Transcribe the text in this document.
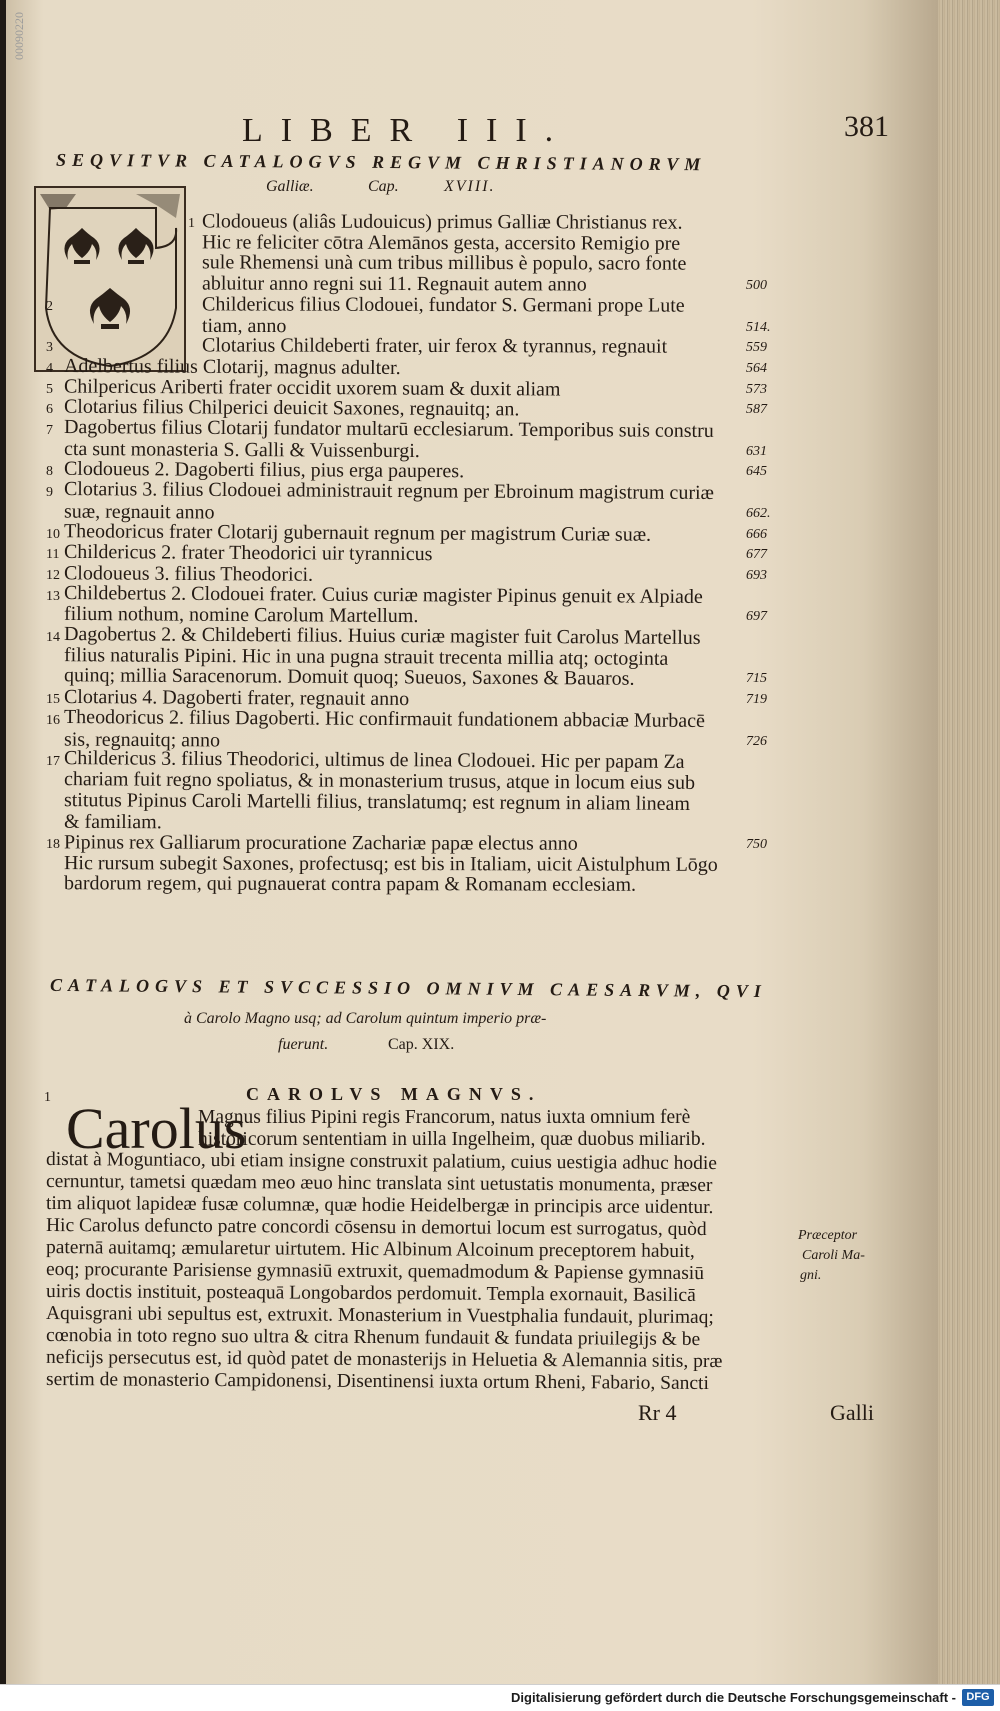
00090220
LIBER III.	381
SEQVITVR CATALOGVS REGVM CHRISTIANORVM
Galliæ.	Cap.	XVIII.
1 Clodoueus (aliâs Ludouicus) primus Galliæ Christianus rex.
Hic re feliciter cōtra Alemānos gesta, accersito Remigio pre
sule Rhemensi unà cum tribus millibus è populo, sacro fonte
abluitur anno regni sui 11. Regnauit autem anno	500
2	Childericus filius Clodouei, fundator S. Germani prope Lute
tiam, anno	514.
3	Clotarius Childeberti frater, uir ferox & tyrannus, regnauit	559
4 Adelbertus filius Clotarij, magnus adulter.	564
5 Chilpericus Ariberti frater occidit uxorem suam & duxit aliam	573
6 Clotarius filius Chilperici deuicit Saxones, regnauitq; an.	587
7 Dagobertus filius Clotarij fundator multarū ecclesiarum. Temporibus suis constru
cta sunt monasteria S. Galli & Vuissenburgi.	631
8 Clodoueus 2. Dagoberti filius, pius erga pauperes.	645
9 Clotarius 3. filius Clodouei administrauit regnum per Ebroinum magistrum curiæ
suæ, regnauit anno	662.
10 Theodoricus frater Clotarij gubernauit regnum per magistrum Curiæ suæ.	666
11 Childericus 2. frater Theodorici uir tyrannicus	677
12 Clodoueus 3. filius Theodorici.	693
13 Childebertus 2. Clodouei frater. Cuius curiæ magister Pipinus genuit ex Alpiade
filium nothum, nomine Carolum Martellum.	697
14 Dagobertus 2. & Childeberti filius. Huius curiæ magister fuit Carolus Martellus
filius naturalis Pipini. Hic in una pugna strauit trecenta millia atq; octoginta
quinq; millia Saracenorum. Domuit quoq; Sueuos, Saxones & Bauaros.	715
15 Clotarius 4. Dagoberti frater, regnauit anno	719
16 Theodoricus 2. filius Dagoberti. Hic confirmauit fundationem abbaciæ Murbacē
sis, regnauitq; anno	726
17 Childericus 3. filius Theodorici, ultimus de linea Clodouei. Hic per papam Za
chariam fuit regno spoliatus, & in monasterium trusus, atque in locum eius sub
stitutus Pipinus Caroli Martelli filius, translatumq; est regnum in aliam lineam
& familiam.
18 Pipinus rex Galliarum procuratione Zachariæ papæ electus anno	750
Hic rursum subegit Saxones, profectusq; est bis in Italiam, uicit Aistulphum Lōgo
bardorum regem, qui pugnauerat contra papam & Romanam ecclesiam.
CATALOGVS ET SVCCESSIO OMNIVM CAESARVM, QVI
à Carolo Magno usq; ad Carolum quintum imperio præ-
fuerunt.	Cap. XIX.
1	CAROLVS MAGNVS.
Carolus
Magnus filius Pipini regis Francorum, natus iuxta omnium ferè
historicorum sententiam in uilla Ingelheim, quæ duobus miliarib.
distat à Moguntiaco, ubi etiam insigne construxit palatium, cuius uestigia adhuc hodie
cernuntur, tametsi quædam meo æuo hinc translata sint uetustatis monumenta, præser
tim aliquot lapideæ fusæ columnæ, quæ hodie Heidelbergæ in principis arce uidentur.
Hic Carolus defuncto patre concordi cōsensu in demortui locum est surrogatus, quòd
paternā auitamq; æmularetur uirtutem. Hic Albinum Alcoinum preceptorem habuit,
eoq; procurante Parisiense gymnasiū extruxit, quemadmodum & Papiense gymnasiū
uiris doctis instituit, posteaquā Longobardos perdomuit. Templa exornauit, Basilicā
Aquisgrani ubi sepultus est, extruxit. Monasterium in Vuestphalia fundauit, plurimaq;
cœnobia in toto regno suo ultra & citra Rhenum fundauit & fundata priuilegijs & be
neficijs persecutus est, id quòd patet de monasterijs in Heluetia & Alemannia sitis, præ
sertim de monasterio Campidonensi, Disentinensi iuxta ortum Rheni, Fabario, Sancti
Præceptor
Caroli Ma-
gni.
Rr 4	Galli
Digitalisierung gefördert durch die Deutsche Forschungsgemeinschaft - DFG
